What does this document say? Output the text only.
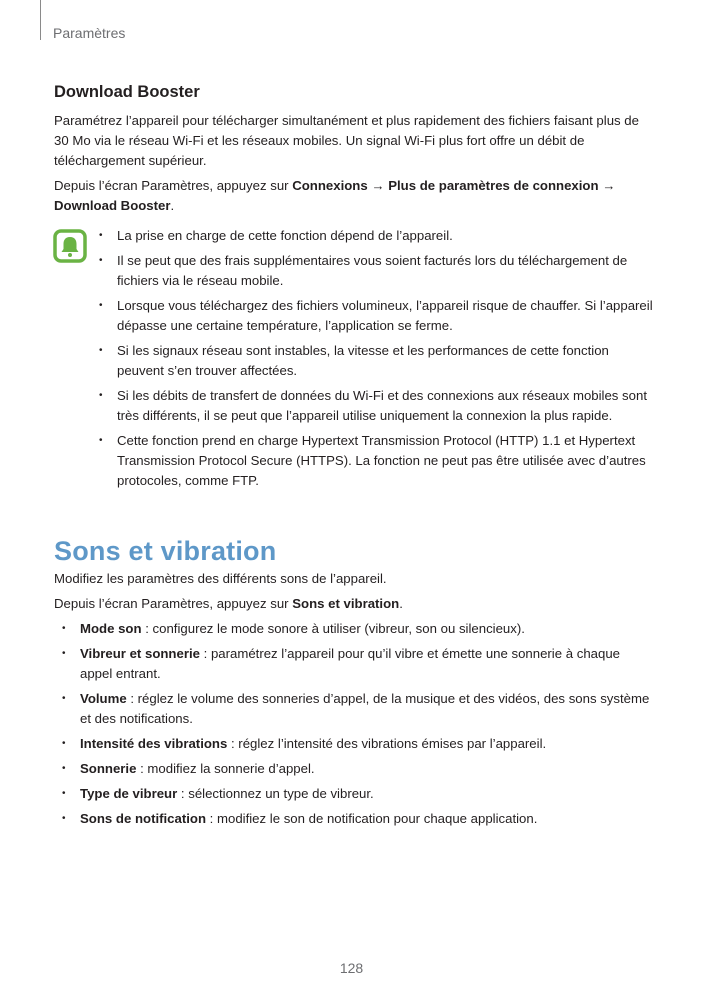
Paramètres
Download Booster

Paramétrez l’appareil pour télécharger simultanément et plus rapidement des fichiers faisant plus de 30 Mo via le réseau Wi-Fi et les réseaux mobiles. Un signal Wi-Fi plus fort offre un débit de téléchargement supérieur.

Depuis l’écran Paramètres, appuyez sur Connexions → Plus de paramètres de connexion → Download Booster.

• La prise en charge de cette fonction dépend de l’appareil.
• Il se peut que des frais supplémentaires vous soient facturés lors du téléchargement de fichiers via le réseau mobile.
• Lorsque vous téléchargez des fichiers volumineux, l’appareil risque de chauffer. Si l’appareil dépasse une certaine température, l’application se ferme.
• Si les signaux réseau sont instables, la vitesse et les performances de cette fonction peuvent s’en trouver affectées.
• Si les débits de transfert de données du Wi-Fi et des connexions aux réseaux mobiles sont très différents, il se peut que l’appareil utilise uniquement la connexion la plus rapide.
• Cette fonction prend en charge Hypertext Transmission Protocol (HTTP) 1.1 et Hypertext Transmission Protocol Secure (HTTPS). La fonction ne peut pas être utilisée avec d’autres protocoles, comme FTP.
Sons et vibration

Modifiez les paramètres des différents sons de l’appareil.

Depuis l’écran Paramètres, appuyez sur Sons et vibration.

• Mode son : configurez le mode sonore à utiliser (vibreur, son ou silencieux).
• Vibreur et sonnerie : paramétrez l’appareil pour qu’il vibre et émette une sonnerie à chaque appel entrant.
• Volume : réglez le volume des sonneries d’appel, de la musique et des vidéos, des sons système et des notifications.
• Intensité des vibrations : réglez l’intensité des vibrations émises par l’appareil.
• Sonnerie : modifiez la sonnerie d’appel.
• Type de vibreur : sélectionnez un type de vibreur.
• Sons de notification : modifiez le son de notification pour chaque application.
128
